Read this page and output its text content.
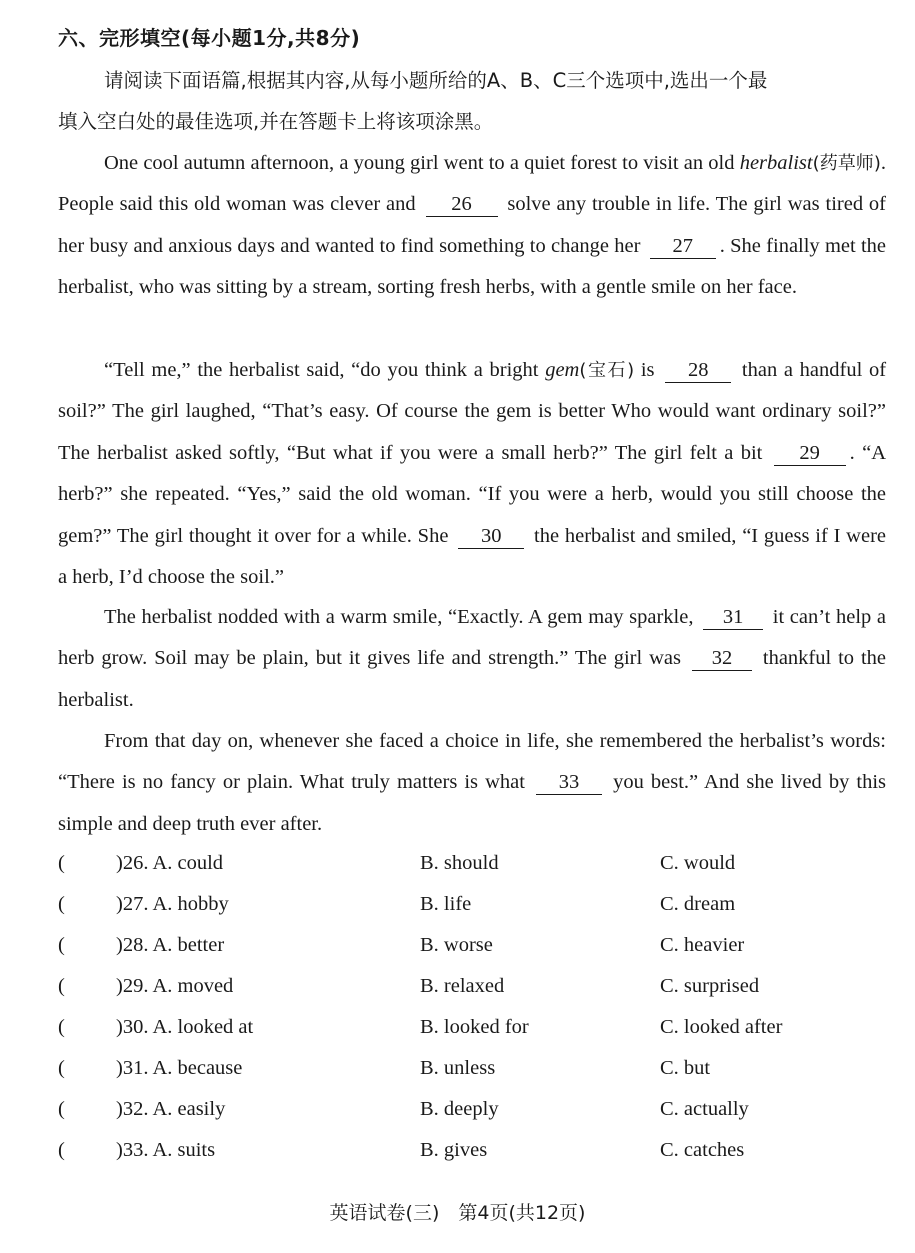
六、完形填空(每小题1分,共8分)

请阅读下面语篇,根据其内容,从每小题所给的A、B、C三个选项中,选出一个最
填入空白处的最佳选项,并在答题卡上将该项涂黑。

One cool autumn afternoon, a young girl went to a quiet forest to visit an old herbalist(药草师). People said this old woman was clever and 26 solve any trouble in life. The girl was tired of her busy and anxious days and wanted to find something to change her 27 . She finally met the herbalist, who was sitting by a stream, sorting fresh herbs, with a gentle smile on her face.

“Tell me,” the herbalist said, “do you think a bright gem(宝石) is 28 than a handful of soil?” The girl laughed, “That’s easy. Of course the gem is better Who would want ordinary soil?” The herbalist asked softly, “But what if you were a small herb?” The girl felt a bit 29 . “A herb?” she repeated. “Yes,” said the old woman. “If you were a herb, would you still choose the gem?” The girl thought it over for a while. She 30 the herbalist and smiled, “I guess if I were a herb, I’d choose the soil.”

The herbalist nodded with a warm smile, “Exactly. A gem may sparkle, 31 it can’t help a herb grow. Soil may be plain, but it gives life and strength.” The girl was 32 thankful to the herbalist.

From that day on, whenever she faced a choice in life, she remembered the herbalist’s words: “There is no fancy or plain. What truly matters is what 33 you best.” And she lived by this simple and deep truth ever after.

( )26. A. could	B. should	C. would
( )27. A. hobby	B. life	C. dream
( )28. A. better	B. worse	C. heavier
( )29. A. moved	B. relaxed	C. surprised
( )30. A. looked at	B. looked for	C. looked after
( )31. A. because	B. unless	C. but
( )32. A. easily	B. deeply	C. actually
( )33. A. suits	B. gives	C. catches
英语试卷(三)　第4页(共12页)
